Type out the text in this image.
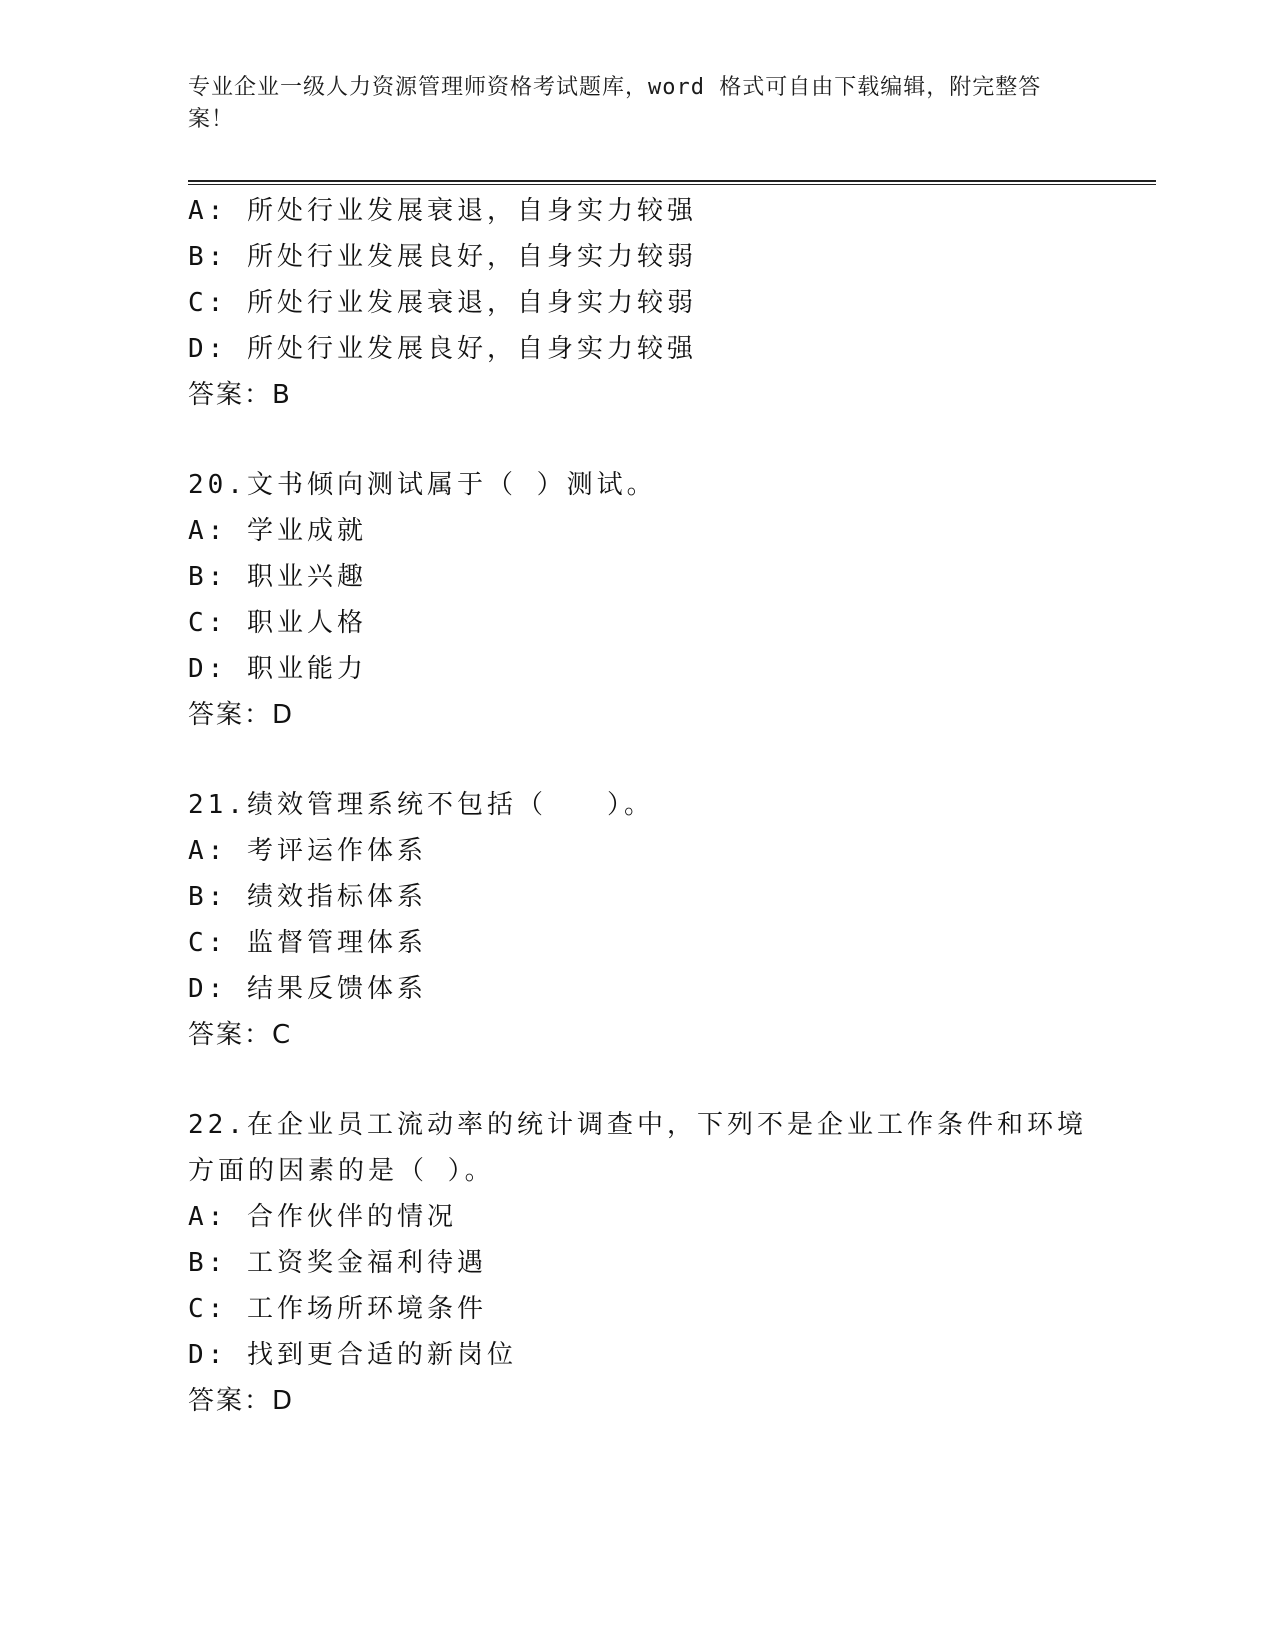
专业企业一级人力资源管理师资格考试题库，word 格式可自由下载编辑，附完整答案！
A: 所处行业发展衰退，自身实力较强
B: 所处行业发展良好，自身实力较弱
C: 所处行业发展衰退，自身实力较弱
D: 所处行业发展良好，自身实力较强
答案：B
20.文书倾向测试属于（ ）测试。
A: 学业成就
B: 职业兴趣
C: 职业人格
D: 职业能力
答案：D
21.绩效管理系统不包括（　　）。
A: 考评运作体系
B: 绩效指标体系
C: 监督管理体系
D: 结果反馈体系
答案：C
22.在企业员工流动率的统计调查中，下列不是企业工作条件和环境方面的因素的是（ ）。
A: 合作伙伴的情况
B: 工资奖金福利待遇
C: 工作场所环境条件
D: 找到更合适的新岗位
答案：D
